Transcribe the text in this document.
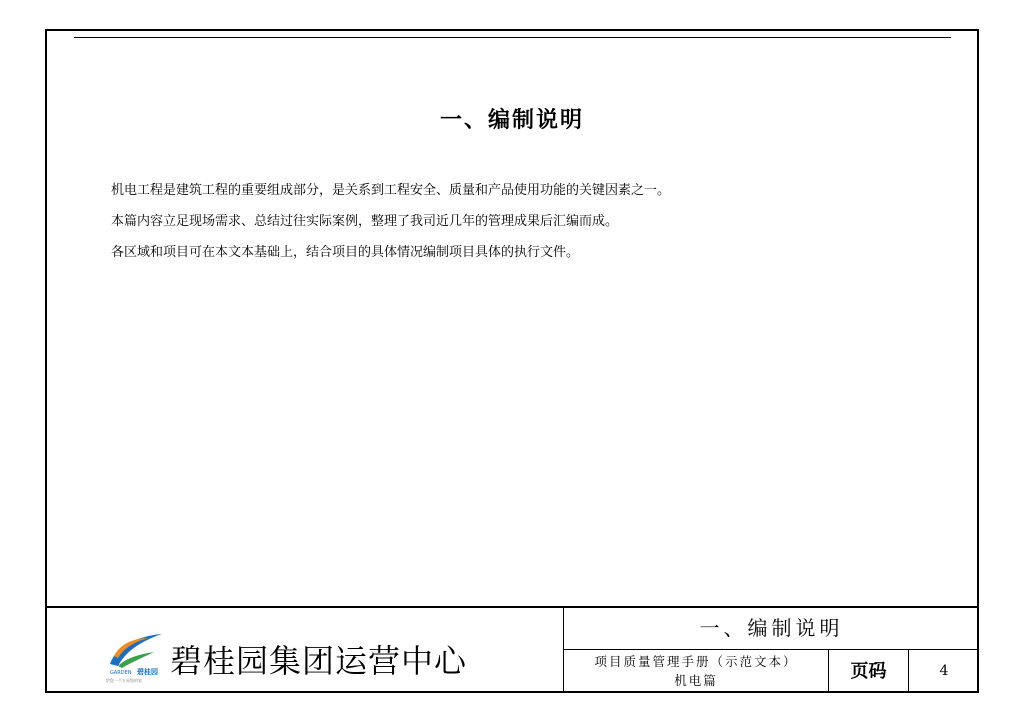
一、编制说明

机电工程是建筑工程的重要组成部分，是关系到工程安全、质量和产品使用功能的关键因素之一。

本篇内容立足现场需求、总结过往实际案例，整理了我司近几年的管理成果后汇编而成。

各区域和项目可在本文本基础上，结合项目的具体情况编制项目具体的执行文件。

GARDEN 碧桂园
给您一个五星级的家
碧桂园集团运营中心
一、编制说明
项目质量管理手册（示范文本）
机电篇	页码	4
